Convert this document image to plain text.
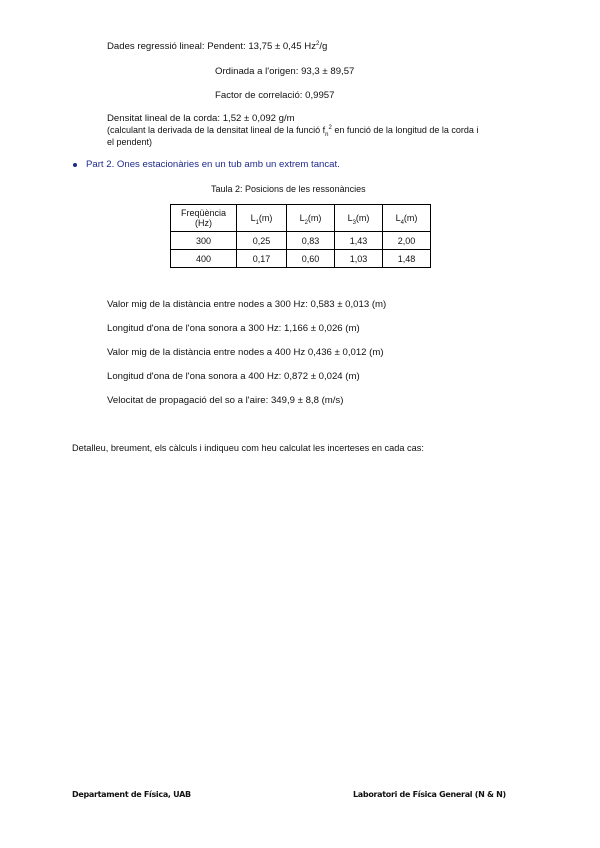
Dades regressió lineal: Pendent: 13,75 ± 0,45 Hz$^2$/g
Ordinada a l'origen: 93,3 ± 89,57
Factor de correlació: 0,9957
Densitat lineal de la corda: 1,52 ± 0,092 g/m
(calculant la derivada de la densitat lineal de la funció $f_n^2$ en funció de la longitud de la corda i
el pendent)
Part 2. Ones estacionàries en un tub amb un extrem tancat.
Taula 2: Posicions de les ressonàncies
Freqüència
(Hz)	$L_1(m)$	$L_2(m)$	$L_3(m)$	$L_4(m)$
300	0,25	0,83	1,43	2,00
400	0,17	0,60	1,03	1,48
Valor mig de la distància entre nodes a 300 Hz: 0,583 ± 0,013 (m)
Longitud d'ona de l'ona sonora a 300 Hz: 1,166 ± 0,026 (m)
Valor mig de la distància entre nodes a 400 Hz 0,436 ± 0,012 (m)
Longitud d'ona de l'ona sonora a 400 Hz: 0,872 ± 0,024 (m)
Velocitat de propagació del so a l'aire: 349,9 ± 8,8 (m/s)
Detalleu, breument, els càlculs i indiqueu com heu calculat les incerteses en cada cas:
Departament de Física, UAB	Laboratori de Física General (N & N)
